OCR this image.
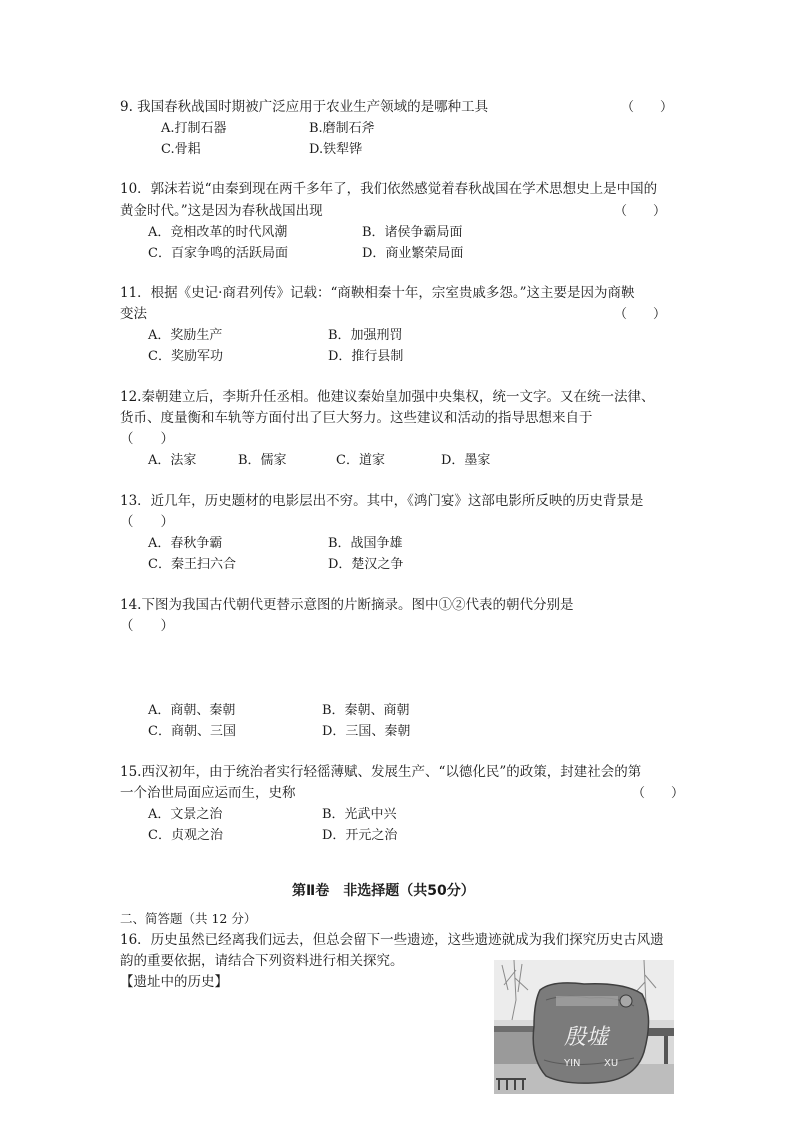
9. 我国春秋战国时期被广泛应用于农业生产领域的是哪种工具	（　　）
A.打制石器	B.磨制石斧
C.骨耜	D.铁犁铧
10．郭沫若说“由秦到现在两千多年了，我们依然感觉着春秋战国在学术思想史上是中国的
黄金时代。”这是因为春秋战国出现	（　　）
A．竞相改革的时代风潮	B．诸侯争霸局面
C．百家争鸣的活跃局面	D．商业繁荣局面
11．根据《史记·商君列传》记载：“商鞅相秦十年，宗室贵戚多怨。”这主要是因为商鞅
变法	（　　）
A．奖励生产	B．加强刑罚
C．奖励军功	D．推行县制
12.秦朝建立后，李斯升任丞相。他建议秦始皇加强中央集权，统一文字。又在统一法律、
货币、度量衡和车轨等方面付出了巨大努力。这些建议和活动的指导思想来自于
（　　）
A．法家	B．儒家	C．道家	D．墨家
13．近几年，历史题材的电影层出不穷。其中，《鸿门宴》这部电影所反映的历史背景是
（　　）
A．春秋争霸	B．战国争雄
C．秦王扫六合	D．楚汉之争
14.下图为我国古代朝代更替示意图的片断摘录。图中①②代表的朝代分别是
（　　）
A．商朝、秦朝	B．秦朝、商朝
C．商朝、三国	D．三国、秦朝
15.西汉初年，由于统治者实行轻徭薄赋、发展生产、“以德化民”的政策，封建社会的第
一个治世局面应运而生，史称	（　　）
A．文景之治	B．光武中兴
C．贞观之治	D．开元之治
第Ⅱ卷　非选择题（共50分）
二、简答题（共 12 分）
16．历史虽然已经离我们远去，但总会留下一些遗迹，这些遗迹就成为我们探究历史古风遗
韵的重要依据，请结合下列资料进行相关探究。
【遗址中的历史】
殷墟
YIN XU
